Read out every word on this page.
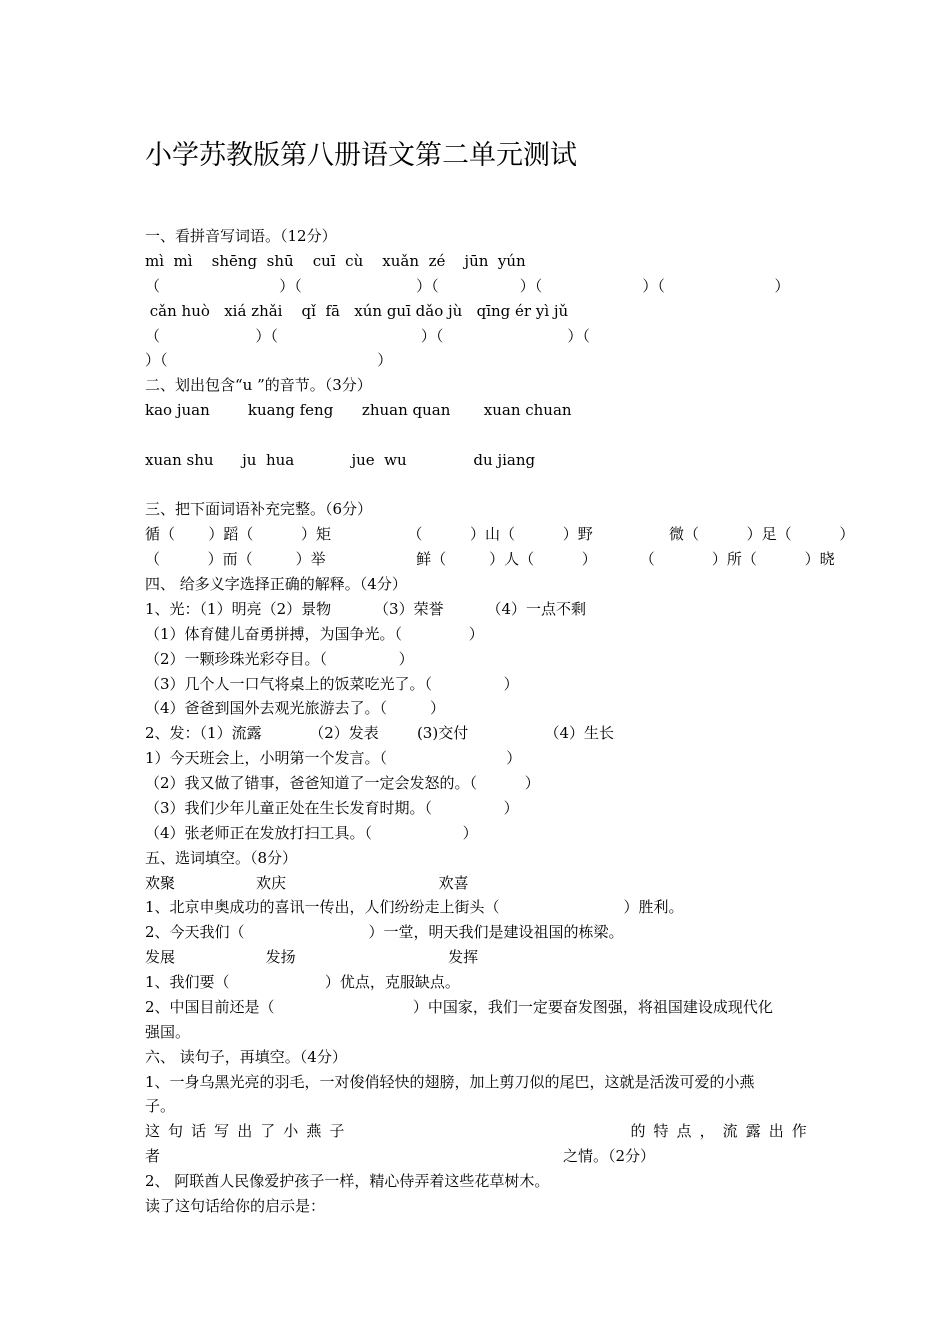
小学苏教版第八册语文第二单元测试
一、看拼音写词语。（12分）
mì  mì    shēng  shū    cuī  cù    xuǎn  zé    jūn  yún
（                         ）（                        ）（                 ）（                     ）（                       ）
cǎn huò   xiá zhǎi    qǐ  fā   xún guī dǎo jù   qīng ér yì jǔ
（                    ）（                              ）（                          ）（
）（                                            ）
二、划出包含“u ”的音节。（3分）
kao juan        kuang feng      zhuan quan       xuan chuan
xuan shu      ju  hua            jue  wu              du jiang
三、把下面词语补充完整。（6分）
循（       ）蹈（          ）矩                （          ）山（          ）野                微（          ）足（          ）
（          ）而（         ）举                   鲜（         ）人（          ）         （            ）所（          ）晓
四、 给多义字选择正确的解释。（4分）
1、光：（1）明亮（2）景物         （3）荣誉         （4）一点不剩
（1）体育健儿奋勇拼搏，为国争光。（              ）
（2）一颗珍珠光彩夺目。（               ）
（3）几个人一口气将桌上的饭菜吃光了。（               ）
（4）爸爸到国外去观光旅游去了。（         ）
2、发：（1）流露          （2）发表        (3)交付                （4）生长
1）今天班会上，小明第一个发言。（                         ）
（2）我又做了错事，爸爸知道了一定会发怒的。（          ）
（3）我们少年儿童正处在生长发育时期。（               ）
（4）张老师正在发放打扫工具。（                   ）
五、选词填空。（8分）
欢聚                 欢庆                                欢喜
1、北京申奥成功的喜讯一传出，人们纷纷走上街头（                          ）胜利。
2、今天我们（                          ）一堂，明天我们是建设祖国的栋梁。
发展                   发扬                                发挥
1、我们要（                    ）优点，克服缺点。
2、中国目前还是（                             ）中国家，我们一定要奋发图强，将祖国建设成现代化
强国。
六、 读句子，再填空。（4分）
1、一身乌黑光亮的羽毛，一对俊俏轻快的翅膀，加上剪刀似的尾巴，这就是活泼可爱的小燕
子。
这 句 话 写 出 了 小 燕 子	的 特 点 ， 流 露 出 作
者	之情。（2分）
2、 阿联酋人民像爱护孩子一样，精心侍弄着这些花草树木。
读了这句话给你的启示是：
